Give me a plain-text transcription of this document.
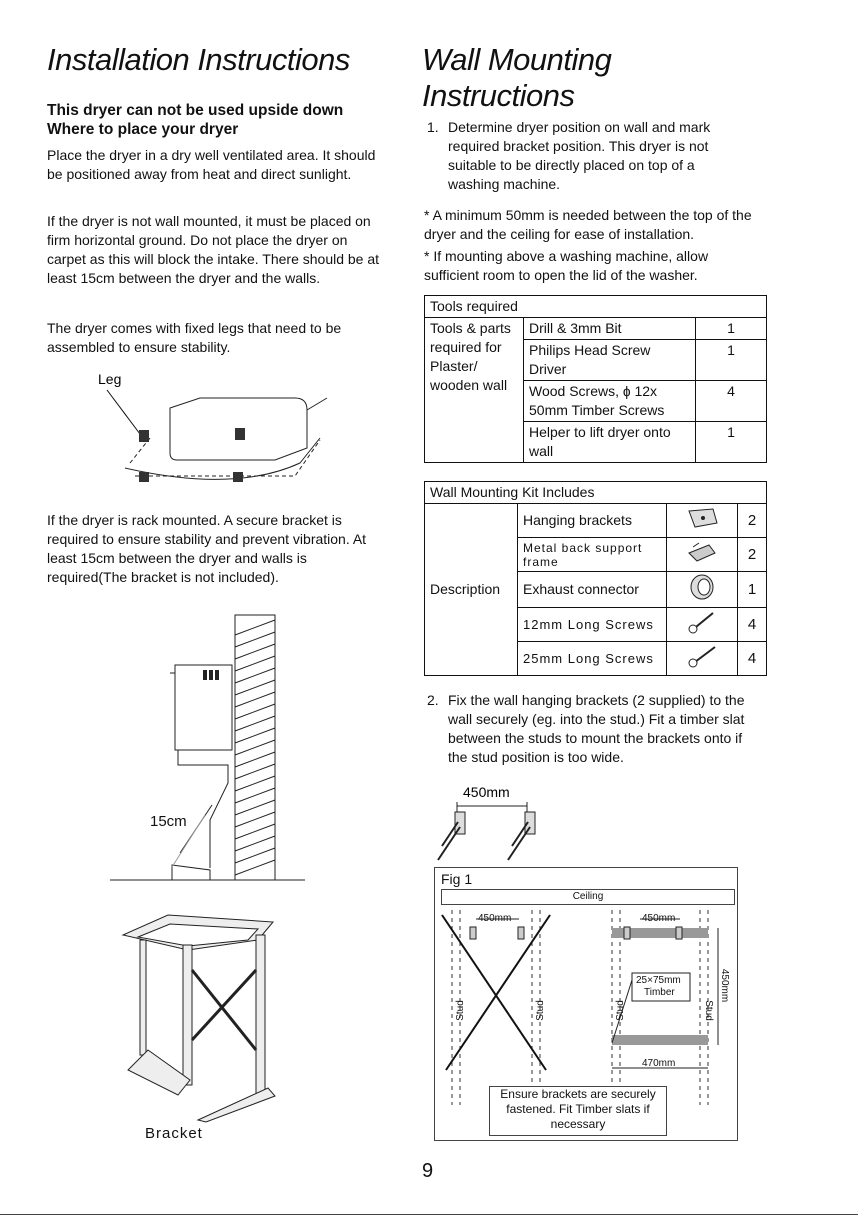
Installation Instructions
This dryer can not be used upside down
Where to place your dryer
Place the dryer in a dry well ventilated area. It should be positioned away from heat and direct sunlight.
If the dryer is not wall mounted, it must be placed on firm horizontal ground. Do not place the dryer on carpet as this will block the intake. There should be at least 15cm between the dryer and the walls.
The dryer comes with fixed legs that need to be assembled to ensure stability.
Leg
If the dryer is rack mounted. A secure bracket is required to ensure stability and prevent vibration. At least 15cm between the dryer and walls is required(The bracket is not included).
15cm
Bracket
Wall Mounting
Instructions
1. Determine dryer position on wall and mark required bracket position. This dryer is not suitable to be directly placed on top of a washing machine.
* A minimum 50mm is needed between the top of the dryer and the ceiling for ease of installation.
* If mounting above a washing machine, allow sufficient room to open the lid of the washer.
Tools required		
Tools & parts required for Plaster/ wooden wall	Drill & 3mm Bit	1
	Philips Head Screw Driver	1
	Wood Screws, ɸ 12x 50mm Timber Screws	4
	Helper to lift dryer onto wall	1
Wall Mounting Kit Includes			
Description	Hanging brackets		2
	Metal back support frame		2
	Exhaust connector		1
	12mm Long Screws		4
	25mm Long Screws		4
2. Fix the wall hanging brackets (2 supplied) to the wall securely (eg. into the stud.) Fit a timber slat between the studs to mount the brackets onto if the stud position is too wide.
450mm
Fig 1
Ceiling
450mm	450mm
Stud	Stud	Stud	Stud
25×75mm
Timber	450mm
470mm
Ensure brackets are securely fastened. Fit Timber slats if necessary
9
